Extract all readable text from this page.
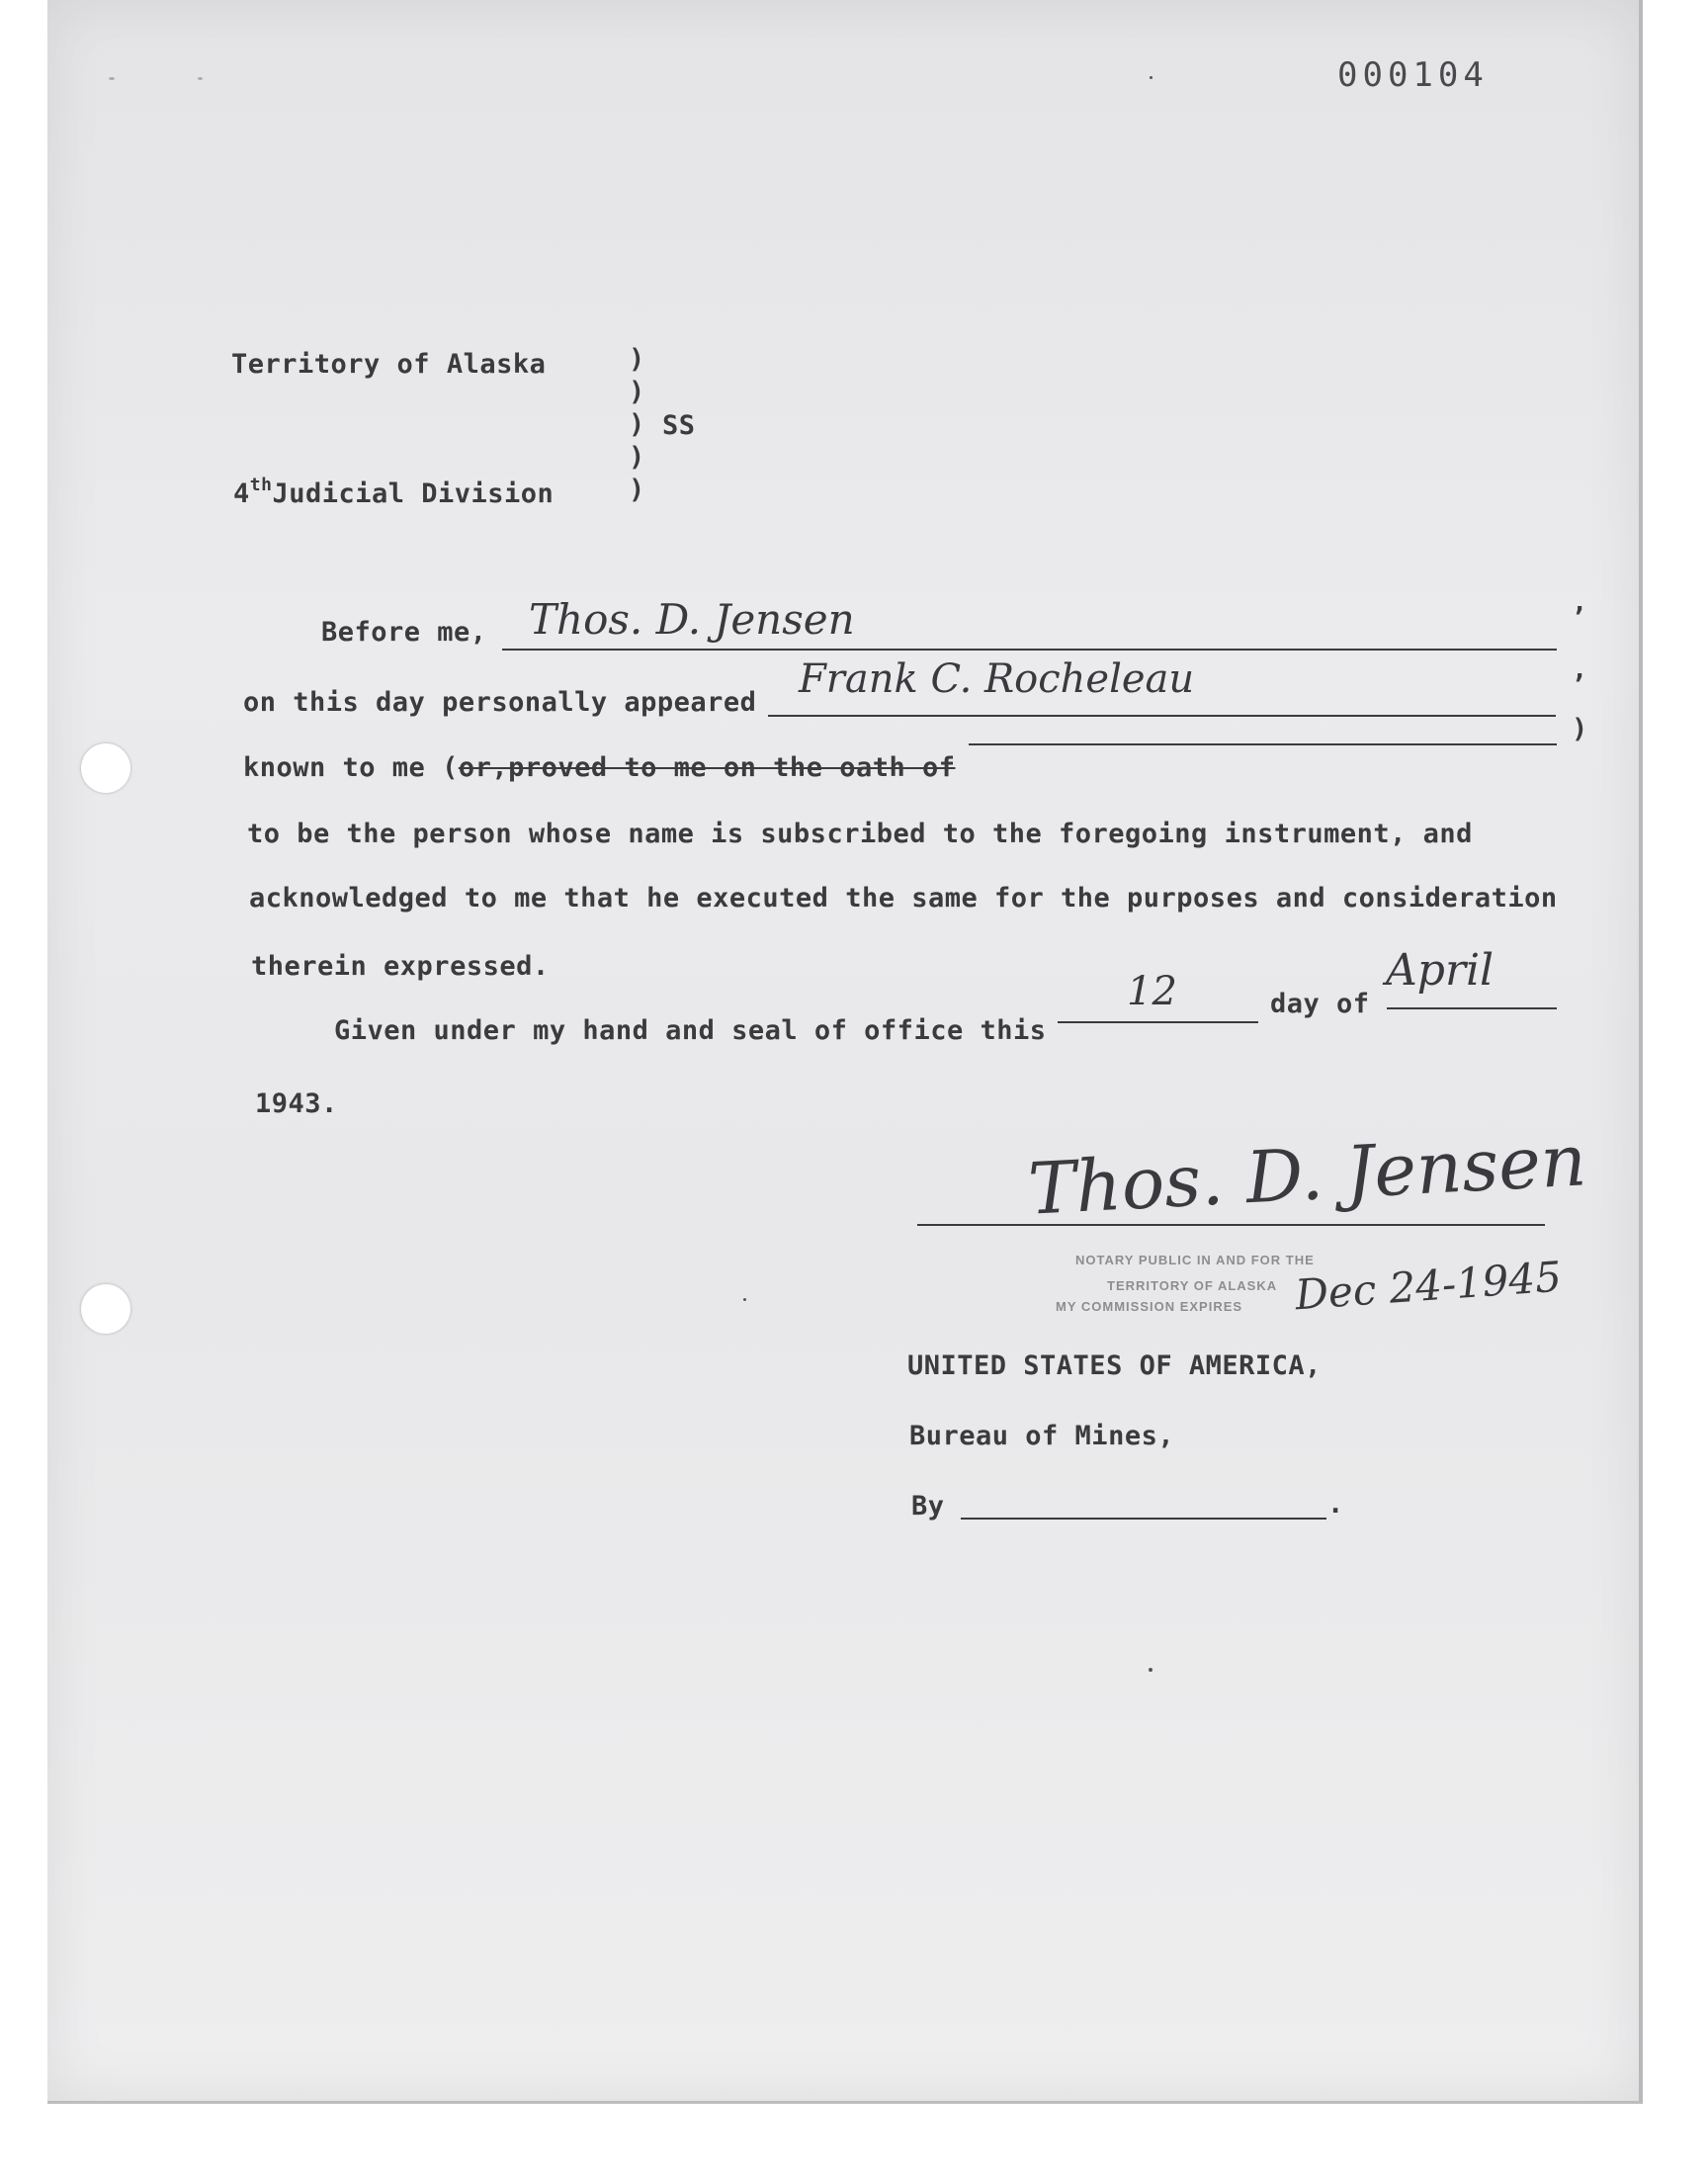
000104
Territory of Alaska	)
)
)
)
)
SS
4thJudicial Division
Before me, Thos. D. Jensen	,
on this day personally appeared
Frank C. Rocheleau	,
known to me (or,proved to me on the oath of
)
to be the person whose name is subscribed to the foregoing instrument, and
acknowledged to me that he executed the same for the purposes and consideration
therein expressed.
Given under my hand and seal of office this
12	day of
April
1943.
Thos. D. Jensen
NOTARY PUBLIC IN AND FOR THE
TERRITORY OF ALASKA
MY COMMISSION EXPIRES Dec 24-1945
UNITED STATES OF AMERICA,
Bureau of Mines,
By	.
